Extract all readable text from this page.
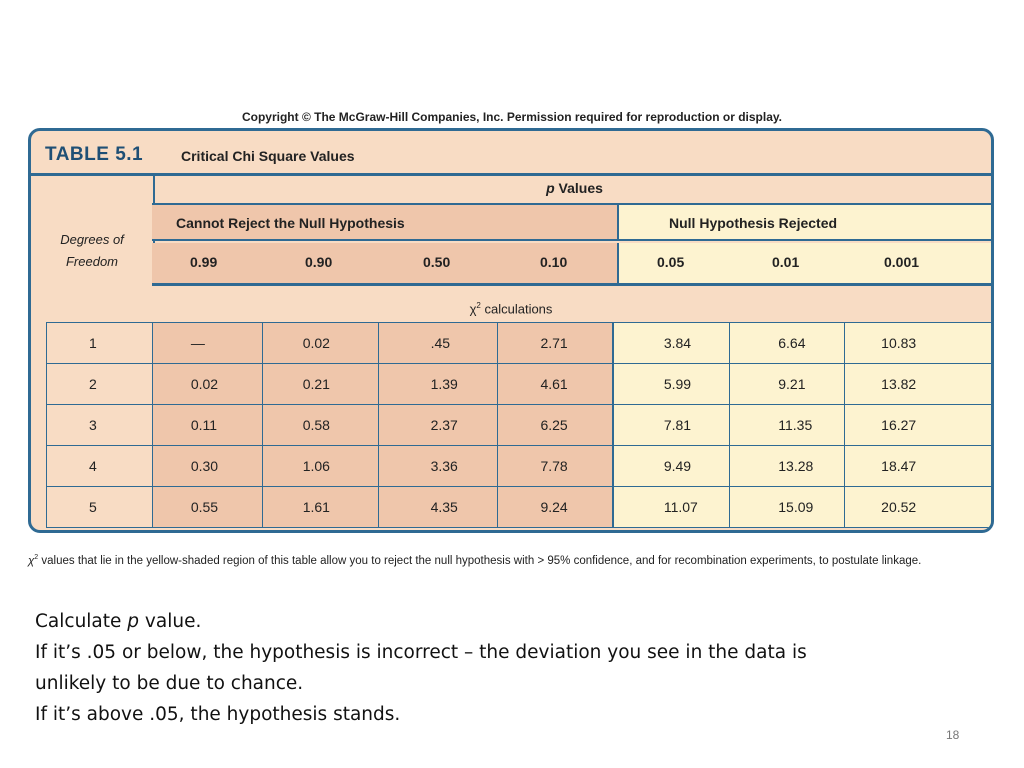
Copyright © The McGraw-Hill Companies, Inc. Permission required for reproduction or display.
TABLE 5.1	Critical Chi Square Values
Degrees of
Freedom
p Values
Cannot Reject the Null Hypothesis	Null Hypothesis Rejected
0.99	0.90	0.50	0.10	0.05	0.01	0.001
$\chi^2$ calculations
1	—	0.02	.45	2.71	3.84	6.64	10.83
2	0.02	0.21	1.39	4.61	5.99	9.21	13.82
3	0.11	0.58	2.37	6.25	7.81	11.35	16.27
4	0.30	1.06	3.36	7.78	9.49	13.28	18.47
5	0.55	1.61	4.35	9.24	11.07	15.09	20.52
$\chi^2$ values that lie in the yellow-shaded region of this table allow you to reject the null hypothesis with > 95% confidence, and for recombination experiments, to postulate linkage.
Calculate p value.
If it’s .05 or below, the hypothesis is incorrect – the deviation you see in the data is
unlikely to be due to chance.
If it’s above .05, the hypothesis stands.
18
